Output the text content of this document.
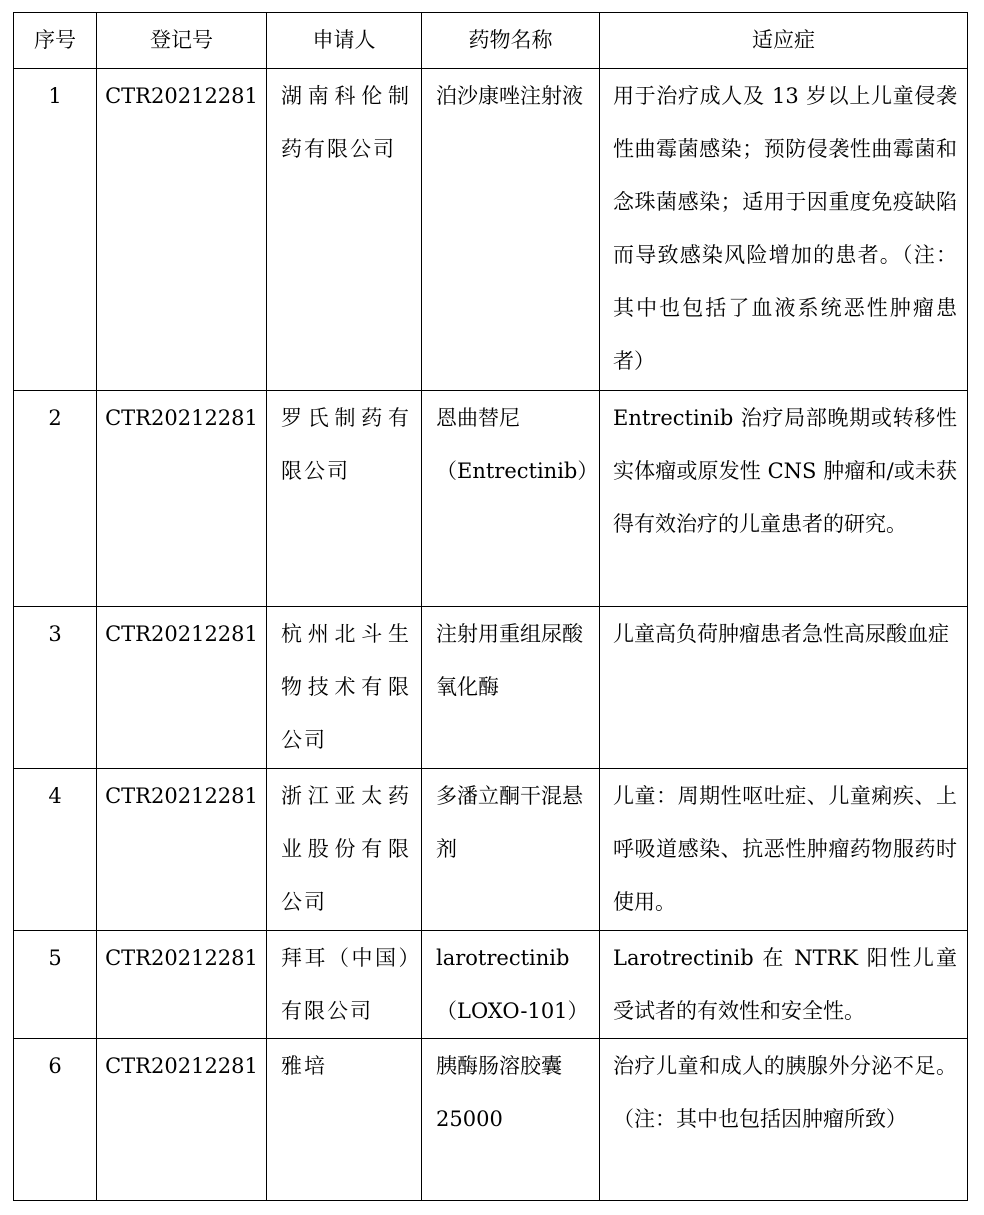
序号	登记号	申请人	药物名称	适应症
1	CTR20212281	湖南科伦制药有限公司	泊沙康唑注射液	用于治疗成人及 13 岁以上儿童侵袭性曲霉菌感染；预防侵袭性曲霉菌和念珠菌感染；适用于因重度免疫缺陷而导致感染风险增加的患者。（注：其中也包括了血液系统恶性肿瘤患者）
2	CTR20212281	罗氏制药有限公司	恩曲替尼（Entrectinib）	Entrectinib 治疗局部晚期或转移性实体瘤或原发性 CNS 肿瘤和/或未获得有效治疗的儿童患者的研究。
3	CTR20212281	杭州北斗生物技术有限公司	注射用重组尿酸氧化酶	儿童高负荷肿瘤患者急性高尿酸血症
4	CTR20212281	浙江亚太药业股份有限公司	多潘立酮干混悬剂	儿童：周期性呕吐症、儿童痢疾、上呼吸道感染、抗恶性肿瘤药物服药时使用。
5	CTR20212281	拜耳（中国）有限公司	larotrectinib（LOXO-101）	Larotrectinib 在 NTRK 阳性儿童受试者的有效性和安全性。
6	CTR20212281	雅培	胰酶肠溶胶囊 25000	治疗儿童和成人的胰腺外分泌不足。（注：其中也包括因肿瘤所致）
